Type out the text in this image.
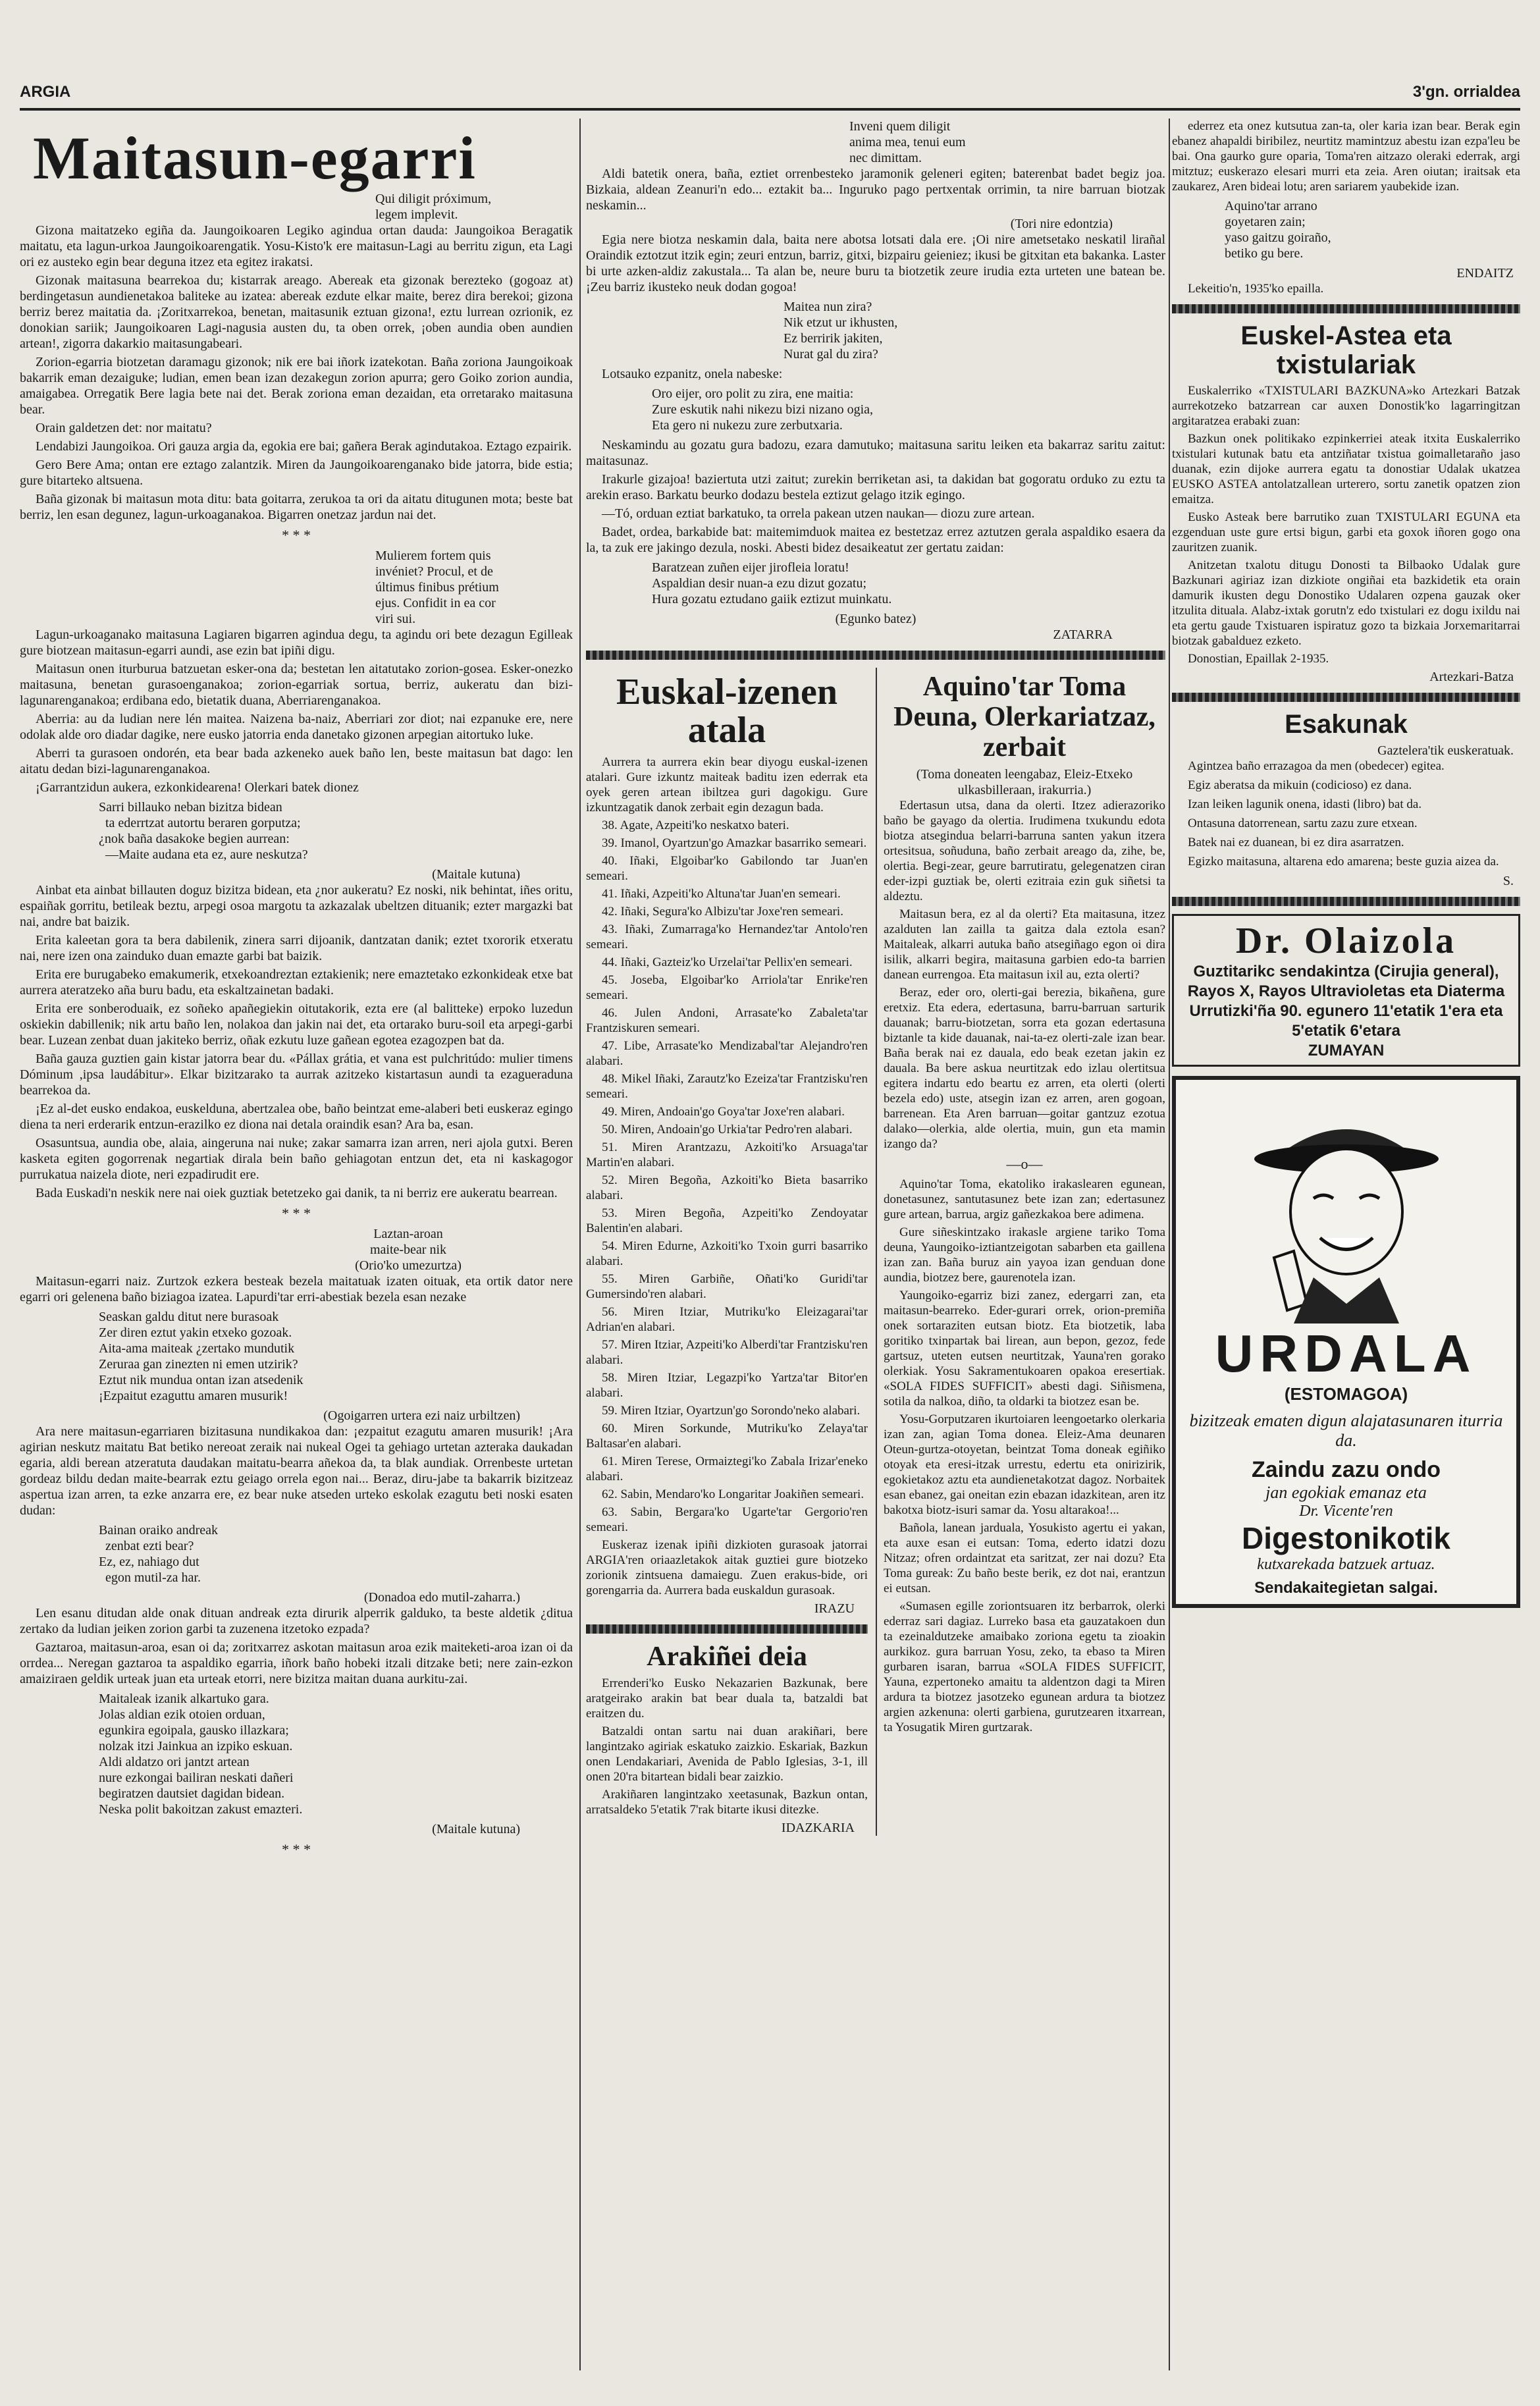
ARGIA	3'gn. orrialdea
Maitasun-egarri
Qui diligit próximum,
legem implevit.

Gizona maitatzeko egiña da. Jaungoikoaren Legiko agindua ortan dauda: Jaungoikoa Beragatik maitatu, eta lagun-urkoa Jaungoikoarengatik. Yosu-Kisto'k ere maitasun-Lagi au berritu zigun, eta Lagi ori ez austeko egin bear deguna itzez eta egitez irakatsi.

Gizonak maitasuna bearrekoa du; kistarrak areago. Abereak eta gizonak berezteko (gogoaz at) berdingetasun aundienetakoa baliteke au izatea: abereak ezdute elkar maite, berez dira berekoi; gizona berriz berez maitatia da. ¡Zoritxarrekoa, benetan, maitasunik eztuan gizona!, eztu lurrean ozrionik, ez donokian sariik; Jaungoikoaren Lagi-nagusia austen du, ta oben orrek, ¡oben aundia oben aundien artean!, zigorra dakarkio maitasungabeari.

Zorion-egarria biotzetan daramagu gizonok; nik ere bai iñork izatekotan. Baña zoriona Jaungoikoak bakarrik eman dezaiguke; ludian, emen bean izan dezakegun zorion apurra; gero Goiko zorion aundia, amaigabea. Orregatik Bere lagia bete nai det. Berak zoriona eman dezaidan, eta orretarako maitasuna bear.

Orain galdetzen det: nor maitatu?

Lendabizi Jaungoikoa. Ori gauza argia da, egokia ere bai; gañera Berak agindutakoa. Eztago ezpairik.

Gero Bere Ama; ontan ere eztago zalantzik. Miren da Jaungoikoarenganako bide jatorra, bide estia; gure bitarteko altsuena.

Baña gizonak bi maitasun mota ditu: bata goitarra, zerukoa ta ori da aitatu ditugunen mota; beste bat berriz, len esan degunez, lagun-urkoaganakoa. Bigarren onetzaz jardun nai det.

* * *
Mulierem fortem quis
invéniet? Procul, et de
últimus finibus prétium
ejus. Confidit in ea cor
viri sui.

Lagun-urkoaganako maitasuna Lagiaren bigarren agindua degu, ta agindu ori bete dezagun Egilleak gure biotzean maitasun-egarri aundi, ase ezin bat ipiñi digu.

Maitasun onen iturburua batzuetan esker-ona da; bestetan len aitatutako zorion-gosea. Esker-onezko maitasuna, benetan gurasoenganakoa; zorion-egarriak sortua, berriz, aukeratu dan bizi-lagunarenganakoa; erdibana edo, bietatik duana, Aberriarenganakoa.

Aberria: au da ludian nere lén maitea. Naizena ba-naiz, Aberriari zor diot; nai ezpanuke ere, nere odolak alde oro diadar dagike, nere eusko jatorria enda danetako gizonen arpegian aitortuko luke.

Aberri ta gurasoen ondorén, eta bear bada azkeneko auek baño len, beste maitasun bat dago: len aitatu dedan bizi-lagunarenganakoa.

¡Garrantzidun aukera, ezkonkidearena! Olerkari batek dionez

Sarri billauko neban bizitza bidean
ta ederrtzat autortu beraren gorputza;
¿nok baña dasakoke begien aurrean:
—Maite audana eta ez, aure neskutza?
(Maitale kutuna)

Ainbat eta ainbat billauten doguz bizitza bidean, eta ¿nor aukeratu? Ez noski, nik behintat, iñes oritu, espaiñak gorritu, betileak beztu, arpegi osoa margotu ta azkazalak ubeltzen dituanik; ezteт margazki bat nai, andre bat baizik.

Erita kaleetan gora ta bera dabilenik, zinera sarri dijoanik, dantzatan danik; eztet txororik etxeratu nai, nere izen ona zainduko duan emazte garbi bat baizik.

Erita ere burugabeko emakumerik, etxekoandreztan eztakienik; nere emaztetako ezkonkideak etxe bat aurrera ateratzeko aña buru badu, eta eskaltzainetan badaki.

Erita ere sonberoduaik, ez soñeko apañegiekin oitutakorik, ezta ere (al balitteke) erpoko luzedun oskiekin dabillenik; nik artu baño len, nolakoa dan jakin nai det, eta ortarako buru-soil eta arpegi-garbi bear. Luzean zenbat duan jakiteko berriz, oñak ezkutu luze gañean egotea ezagozpen bat da.

Baña gauza guztien gain kistar jatorra bear du. «Pállax grátia, et vana est pulchritúdo: mulier timens Dóminum ,ipsa laudábitur». Elkar bizitzarako ta aurrak azitzeko kistartasun aundi ta ezagueraduna bearrekoa da.

¡Ez al-det eusko endakoa, euskelduna, abertzalea obe, baño beintzat eme-alaberi beti euskeraz egingo diena ta neri erderarik entzun-erazilko ez diona nai detala oraindik esan? Ara ba, esan.

Osasuntsua, aundia obe, alaia, aingeruna nai nuke; zakar samarra izan arren, neri ajola gutxi. Beren kasketa egiten gogorrenak negartiak dirala bein baño gehiagotan entzun det, eta ni kaskagogor purrukatua naizela diote, neri ezpadirudit ere.

Bada Euskadi'n neskik nere nai oiek guztiak betetzeko gai danik, ta ni berriz ere aukeratu bearrean.

* * *
Laztan-aroan
maite-bear nik
(Orio'ko umezurtza)

Maitasun-egarri naiz. Zurtzok ezkera besteak bezela maitatuak izaten oituak, eta ortik dator nere egarri ori gelenena baño biziagoa izatea. Lapurdi'tar erri-abestiak bezela esan nezake

Seaskan galdu ditut nere burasoak
Zer diren eztut yakin etxeko gozoak.
Aita-ama maiteak ¿zertako mundutik
Zeruraa gan zinezten ni emen utzirik?
Eztut nik mundua ontan izan atsedenik
¡Ezpaitut ezaguttu amaren musurik!
(Ogoigarren urtera ezi naiz urbiltzen)

Ara nere maitasun-egarriaren bizitasuna nundikakoa dan: ¡ezpaitut ezagutu amaren musurik! ¡Ara agirian neskutz maitatu Bat betiko nereoat zeraik nai nukeal Ogei ta gehiago urtetan azteraka daukadan egaria, aldi berean atzeratuta daudakan maitatu-bearra añekoa da, ta blak aundiak. Orrenbeste urtetan gordeaz bildu dedan maite-bearrak eztu geiago orrela egon nai... Beraz, diru-jabe ta bakarrik bizitzeaz aspertua izan arren, ta ezke anzarra ere, ez bear nuke atseden urteko eskolak ezagutu beti noski esaten dudan:

Bainan oraiko andreak
zenbat ezti bear?
Ez, ez, nahiago dut
egon mutil-za har.
(Donadoa edo mutil-zaharra.)

Len esanu ditudan alde onak dituan andreak ezta dirurik alperrik galduko, ta beste aldetik ¿ditua zertako da ludian jeiken zorion garbi ta zuzenena itzetoko ezpada?

Gaztaroa, maitasun-aroa, esan oi da; zoritxarrez askotan maitasun aroa ezik maiteketi-aroa izan oi da orrdea... Neregan gaztaroa ta aspaldiko egarria, iñork baño hobeki itzali ditzake beti; nere zain-ezkon amaiziraen geldik urteak juan eta urteak etorri, nere bizitza maitan duana aurkitu-zai.

Maitaleak izanik alkartuko gara.
Jolas aldian ezik otoien orduan,
egunkira egoipala, gausko illazkara;
nolzak itzi Jainkua an izpiko eskuan.
Aldi aldatzo ori jantzt artean
nure ezkongai bailiran neskati dañeri
begiratzen dautsiet dagidan bidean.
Neska polit bakoitzan zakust emazteri.
(Maitale kutuna)
* * *
Inveni quem diligit
anima mea, tenui eum
nec dimittam.

Aldi batetik onera, baña, eztiet orrenbesteko jaramonik geleneri egiten; baterenbat badet begiz joa. Bizkaia, aldean Zeanuri'n edo... eztakit ba... Inguruko pago pertxentak orrimin, ta nire barruan biotzak neskamin...

(Tori nire edontzia)

Egia nere biotza neskamin dala, baita nere abotsa lotsati dala ere. ¡Oi nire ametsetako neskatil lirañal Oraindik eztotzut itzik egin; zeuri entzun, barriz, gitxi, bizpairu geieniez; ikusi be gitxitan eta bakanka. Laster bi urte azken-aldiz zakustala... Ta alan be, neure buru ta biotzetik zeure irudia ezta urteten une batean be. ¡Zeu barriz ikusteko neuk dodan gogoa!

Maitea nun zira?
Nik etzut ur ikhusten,
Ez berririk jakiten,
Nurat gal du zira?

Lotsauko ezpanitz, onela nabeske:

Oro eijer, oro polit zu zira, ene maitia:
Zure eskutik nahi nikezu bizi nizano ogia,
Eta gero ni nukezu zure zerbutxaria.

Neskamindu au gozatu gura badozu, ezara damutuko; maitasuna saritu leiken eta bakarraz saritu zaitut: maitasunaz.

Irakurle gizajoa! baziertuta utzi zaitut; zurekin berriketan asi, ta dakidan bat gogoratu orduko zu eztu ta arekin eraso. Barkatu beurko dodazu bestela eztizut gelago itzik egingo.

—Tó, orduan eztiat barkatuko, ta orrela pakean utzen naukan— diozu zure artean.

Badet, ordea, barkabide bat: maitemimduok maitea ez bestetzaz errez aztutzen gerala aspaldiko esaera da la, ta zuk ere jakingo dezula, noski. Abesti bidez desaikeatut zer gertatu zaidan:

Baratzean zuñen eijer jirofleia loratu!
Aspaldian desir nuan-a ezu dizut gozatu;
Hura gozatu eztudano gaiik eztizut muinkatu.
(Egunko batez)
ZATARRA
Euskal-izenen atala

Aurrera ta aurrera ekin bear diyogu euskal-izenen atalari. Gure izkuntz maiteak baditu izen ederrak eta oyek geren artean ibiltzea guri dagokigu. Gure izkuntzagatik danok zerbait egin dezagun bada.

38. Agate, Azpeiti'ko neskatxo bateri.

39. Imanol, Oyartzun'go Amazkar basarriko semeari.

40. Iñaki, Elgoibar'ko Gabilondo tar Juan'en semeari.

41. Iñaki, Azpeiti'ko Altuna'tar Juan'en semeari.

42. Iñaki, Segura'ko Albizu'tar Joxe'ren semeari.

43. Iñaki, Zumarraga'ko Hernandez'tar Antolo'ren semeari.

44. Iñaki, Gazteiz'ko Urzelai'tar Pellix'en semeari.

45. Joseba, Elgoibar'ko Arriola'tar Enrike'ren semeari.

46. Julen Andoni, Arrasate'ko Zabaleta'tar Frantziskuren semeari.

47. Libe, Arrasate'ko Mendizabal'tar Alejandro'ren alabari.

48. Mikel Iñaki, Zarautz'ko Ezeiza'tar Frantzisku'ren semeari.

49. Miren, Andoain'go Goya'tar Joxe'ren alabari.

50. Miren, Andoain'go Urkia'tar Pedro'ren alabari.

51. Miren Arantzazu, Azkoiti'ko Arsuaga'tar Martin'en alabari.

52. Miren Begoña, Azkoiti'ko Bieta basarriko alabari.

53. Miren Begoña, Azpeiti'ko Zendoyatar Balentin'en alabari.

54. Miren Edurne, Azkoiti'ko Txoin gurri basarriko alabari.

55. Miren Garbiñe, Oñati'ko Guridi'tar Gumersindo'ren alabari.

56. Miren Itziar, Mutriku'ko Eleizagarai'tar Adrian'en alabari.

57. Miren Itziar, Azpeiti'ko Alberdi'tar Frantzisku'ren alabari.

58. Miren Itziar, Legazpi'ko Yartza'tar Bitor'en alabari.

59. Miren Itziar, Oyartzun'go Sorondo'neko alabari.

60. Miren Sorkunde, Mutriku'ko Zelaya'tar Baltasar'en alabari.

61. Miren Terese, Ormaiztegi'ko Zabala Irizar'eneko alabari.

62. Sabin, Mendaro'ko Longaritar Joakiñen semeari.

63. Sabin, Bergara'ko Ugarte'tar Gergorio'ren semeari.

Euskeraz izenak ipiñi dizkioten gurasoak jatorrai ARGIA'ren oriaazletakok aitak guztiei gure biotzeko zorionik zintsuena damaiegu. Zuen erakus-bide, ori gorengarria da. Aurrera bada euskaldun gurasoak.

IRAZU
Arakiñei deia

Errenderi'ko Eusko Nekazarien Bazkunak, bere aratgeirako arakin bat bear duala ta, batzaldi bat eraitzen du.

Batzaldi ontan sartu nai duan arakiñari, bere langintzako agiriak eskatuko zaizkio. Eskariak, Bazkun onen Lendakariari, Avenida de Pablo Iglesias, 3-1, ill onen 20'ra bitartean bidali bear zaizkio.

Arakiñaren langintzako xeetasunak, Bazkun ontan, arratsaldeko 5'etatik 7'rak bitarte ikusi ditezke.

IDAZKARIA
Aquino'tar Toma Deuna, Olerkariatzaz, zerbait
(Toma doneaten leengabaz, Eleiz-Etxeko ulkasbilleraan, irakurria.)

Edertasun utsa, dana da olerti. Itzez adierazoriko baño be gayago da olertia. Irudimena txukundu edota biotza atsegindua belarri-barruna santen yakun itzera ortesitsua, soñuduna, baño zerbait areago da, zihe, be, olertia. Begi-zear, geure barrutiratu, gelegenatzen ciran eder-izpi guztiak be, olerti ezitraia ezin guk siñetsi ta aldeztu.

Maitasun bera, ez al da olerti? Eta maitasuna, itzez azalduten lan zailla ta gaitza dala eztola esan? Maitaleak, alkarri autuka baño atsegiñago egon oi dira isilik, alkarri begira, maitasuna garbien edo-ta barrien danean eurrengoa. Eta maitasun ixil au, ezta olerti?

Beraz, eder oro, olerti-gai berezia, bikañena, gure eretxiz. Eta edera, edertasuna, barru-barruan sarturik dauanak; barru-biotzetan, sorra eta gozan edertasuna biztanle ta kide dauanak, nai-ta-ez olerti-zale izan bear. Baña berak nai ez dauala, edo beak ezetan jakin ez dauala. Ba bere askua neurtitzak edo izlau olertitsua egitera indartu edo beartu ez arren, eta olerti (olerti bezela edo) uste, atsegin izan ez arren, aren gogoan, barrenean. Eta Aren barruan—goitar gantzuz ezotua dalako—olerkia, alde olertia, muin, gun eta mamin izango da?

—o—

Aquino'tar Toma, ekatoliko irakaslearen egunean, donetasunez, santutasunez bete izan zan; edertasunez gure artean, barrua, argiz gañezkakoa bere adimena.

Gure siñeskintzako irakasle argiene tariko Toma deuna, Yaungoiko-iztiantzeigotan sabarben eta gaillena izan zan. Baña buruz ain yayoa izan genduan done aundia, biotzez bere, gaurenotela izan.

Yaungoiko-egarriz bizi zanez, edergarri zan, eta maitasun-bearreko. Eder-gurari orrek, orion-premiña onek sortaraziten eutsan biotz. Eta biotzetik, laba goritiko txinpartak bai lirean, aun bepon, gezoz, fede gartsuz, uteten eutsen neurtitzak, Yauna'ren gorako olerkiak. Yosu Sakramentukoaren opakoa eresertiak. «SOLA FIDES SUFFICIT» abesti dagi. Siñismena, sotila da nalkoa, diño, ta oldarki ta biotzez esan be.

Yosu-Gorputzaren ikurtoiaren leengoetarko olerkaria izan zan, agian Toma donea. Eleiz-Ama deunaren Oteun-gurtza-otoyetan, beintzat Toma doneak egiñiko otoyak eta eresi-itzak urrestu, edertu eta onirizirik, egokietakoz aztu eta aundienetakotzat dagoz. Norbaitek esan ebanez, gai oneitan ezin ebazan idazkitean, aren itz bakotxa biotz-isuri samar da. Yosu altarakoa!...

Bañola, lanean jarduala, Yosukisto agertu ei yakan, eta auxe esan ei eutsan: Toma, ederto idatzi dozu Nitzaz; ofren ordaintzat eta saritzat, zer nai dozu? Eta Toma gureak: Zu baño beste berik, ez dot nai, erantzun ei eutsan.

«Sumasen egille zoriontsuaren itz berbarrok, olerki ederraz sari dagiaz. Lurreko basa eta gauzatakoen dun ta ezeinaldutzeke amaibako zoriona egetu ta zioakin aurkikoz. gura barruan Yosu, zeko, ta ebaso ta Miren gurbaren isaran, barrua «SOLA FIDES SUFFICIT, Yauna, ezpertoneko amaitu ta aldentzon dagi ta Miren ardura ta biotzez jasotzeko egunean ardura ta biotzez argien azkenuna: olerti garbiena, gurutzearen itxarrean, ta Yosugatik Miren gurtzarak.

ederrez eta onez kutsutua zan-ta, oler karia izan bear. Berak egin ebanez ahapaldi biribilez, neurtitz mamintzuz abestu izan ezpa'leu be bai. Ona gaurko gure oparia, Toma'ren aitzazo oleraki ederrak, argi mitztuz; euskerazo elesari murri eta zeia. Aren oiutan; iraitsak eta zaukarez, Aren bideai lotu; aren sariarem yaubekide izan.

Aquino'tar arrano
goyetaren zain;
yaso gaitzu goiraño,
betiko gu bere.
ENDAITZ

Lekeitio'n, 1935'ko epailla.

Euskel-Astea eta txistulariak

Euskalerriko «TXISTULARI BAZKUNA»ko Artezkari Batzak aurrekotzeko batzarrean car auxen Donostik'ko lagarringitzan argitaratzea erabaki zuan:

Bazkun onek politikako ezpinkerriei ateak itxita Euskalerriko txistulari kutunak batu eta antziñatar txistua goimalletaraño jaso duanak, ezin dijoke aurrera egatu ta donostiar Udalak ukatzea EUSKO ASTEA antolatzallean urterero, sortu zanetik opatzen zion emaitza.

Eusko Asteak bere barrutiko zuan TXISTULARI EGUNA eta ezgenduan uste gure ertsi bigun, garbi eta goxok iñoren gogo ona zauritzen zuanik.

Anitzetan txalotu ditugu Donosti ta Bilbaoko Udalak gure Bazkunari agiriaz izan dizkiote ongiñai eta bazkidetik eta orain damurik ikusten degu Donostiko Udalaren ozpena gauzak oker itzulita dituala. Alabz-ixtak gorutn'z edo txistulari ez dogu ixildu nai eta gertu gaude Txistuaren ispiratuz gozo ta bizkaia Jorxemaritarrai biotzak gabalduez ezketo.

Donostian, Epaillak 2-1935.

Artezkari-Batza
Esakunak
Gaztelera'tik euskeratuak.

Agintzea baño errazagoa da men (obedecer) egitea.

Egiz aberatsa da mikuin (codicioso) ez dana.

Izan leiken lagunik onena, idasti (libro) bat da.

Ontasuna datorrenean, sartu zazu zure etxean.

Batek nai ez duanean, bi ez dira asarratzen.

Egizko maitasuna, altarena edo amarena; beste guzia aizea da.

S.
Dr. Olaizola
Guztitarikc sendakintza (Cirujia general), Rayos X, Rayos Ultravioletas eta Diaterma
Urrutizki'ña 90. egunero 11'etatik 1'era eta 5'etatik 6'etara
ZUMAYAN
URDALA
(ESTOMAGOA)
bizitzeak ematen digun alajatasunaren iturria da.
Zaindu zazu ondo
jan egokiak emanaz eta
Dr. Vicente'ren
Digestonikotik
kutxarekada batzuek artuaz.
Sendakaitegietan salgai.
